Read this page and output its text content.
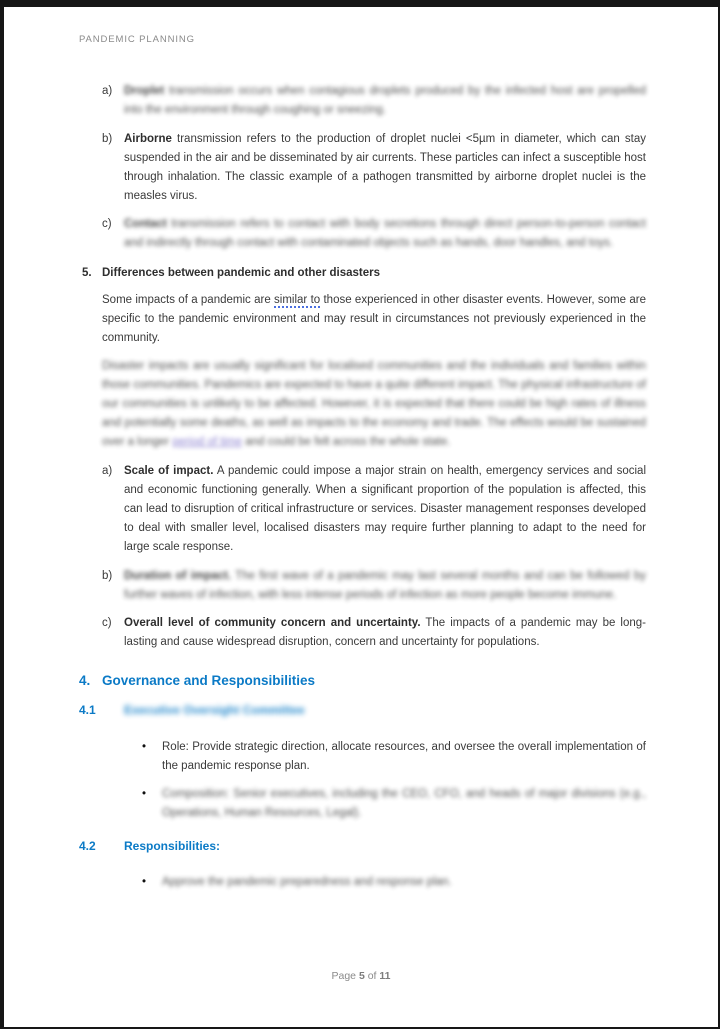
PANDEMIC PLANNING
a)	Droplet transmission occurs when contagious droplets produced by the infected host are propelled into the environment through coughing or sneezing.
b)	Airborne transmission refers to the production of droplet nuclei <5µm in diameter, which can stay suspended in the air and be disseminated by air currents. These particles can infect a susceptible host through inhalation. The classic example of a pathogen transmitted by airborne droplet nuclei is the measles virus.
c)	Contact transmission refers to contact with body secretions through direct person-to-person contact and indirectly through contact with contaminated objects such as hands, door handles, and toys.
5. Differences between pandemic and other disasters
Some impacts of a pandemic are similar to those experienced in other disaster events. However, some are specific to the pandemic environment and may result in circumstances not previously experienced in the community.
Disaster impacts are usually significant for localised communities and the individuals and families within those communities. Pandemics are expected to have a quite different impact. The physical infrastructure of our communities is unlikely to be affected. However, it is expected that there could be high rates of illness and potentially some deaths, as well as impacts to the economy and trade. The effects would be sustained over a longer period of time and could be felt across the whole state.
a)	Scale of impact. A pandemic could impose a major strain on health, emergency services and social and economic functioning generally. When a significant proportion of the population is affected, this can lead to disruption of critical infrastructure or services. Disaster management responses developed to deal with smaller level, localised disasters may require further planning to adapt to the need for large scale response.
b)	Duration of impact. The first wave of a pandemic may last several months and can be followed by further waves of infection, with less intense periods of infection as more people become immune.
c)	Overall level of community concern and uncertainty. The impacts of a pandemic may be long- lasting and cause widespread disruption, concern and uncertainty for populations.
4. Governance and Responsibilities
4.1	Executive Oversight Committee
•	Role: Provide strategic direction, allocate resources, and oversee the overall implementation of the pandemic response plan.
•	Composition: Senior executives, including the CEO, CFO, and heads of major divisions (e.g., Operations, Human Resources, Legal).
4.2	Responsibilities:
•	Approve the pandemic preparedness and response plan.
Page 5 of 11
